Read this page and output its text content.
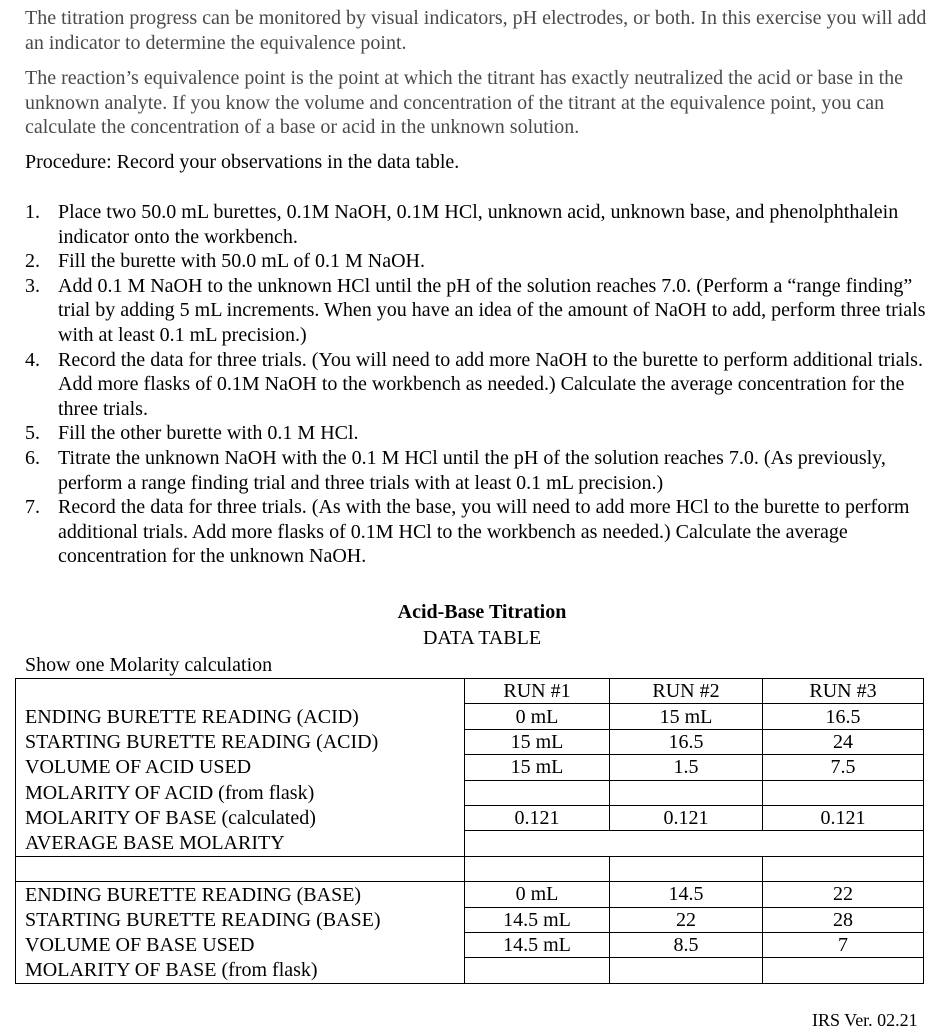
The titration progress can be monitored by visual indicators, pH electrodes, or both. In this exercise you will add an indicator to determine the equivalence point.
The reaction’s equivalence point is the point at which the titrant has exactly neutralized the acid or base in the unknown analyte. If you know the volume and concentration of the titrant at the equivalence point, you can calculate the concentration of a base or acid in the unknown solution.
Procedure: Record your observations in the data table.
1. Place two 50.0 mL burettes, 0.1M NaOH, 0.1M HCl, unknown acid, unknown base, and phenolphthalein indicator onto the workbench.
2. Fill the burette with 50.0 mL of 0.1 M NaOH.
3. Add 0.1 M NaOH to the unknown HCl until the pH of the solution reaches 7.0. (Perform a “range finding” trial by adding 5 mL increments. When you have an idea of the amount of NaOH to add, perform three trials with at least 0.1 mL precision.)
4. Record the data for three trials. (You will need to add more NaOH to the burette to perform additional trials. Add more flasks of 0.1M NaOH to the workbench as needed.) Calculate the average concentration for the three trials.
5. Fill the other burette with 0.1 M HCl.
6. Titrate the unknown NaOH with the 0.1 M HCl until the pH of the solution reaches 7.0. (As previously, perform a range finding trial and three trials with at least 0.1 mL precision.)
7. Record the data for three trials. (As with the base, you will need to add more HCl to the burette to perform additional trials. Add more flasks of 0.1M HCl to the workbench as needed.) Calculate the average concentration for the unknown NaOH.
Acid-Base Titration
DATA TABLE
Show one Molarity calculation
	RUN #1	RUN #2	RUN #3
ENDING BURETTE READING (ACID)	0 mL	15 mL	16.5
STARTING BURETTE READING (ACID)	15 mL	16.5	24
VOLUME OF ACID USED	15 mL	1.5	7.5
MOLARITY OF ACID (from flask)			
MOLARITY OF BASE (calculated)	0.121	0.121	0.121
AVERAGE BASE MOLARITY			

ENDING BURETTE READING (BASE)	0 mL	14.5	22
STARTING BURETTE READING (BASE)	14.5 mL	22	28
VOLUME OF BASE USED	14.5 mL	8.5	7
MOLARITY OF BASE (from flask)			
IRS Ver. 02.21
